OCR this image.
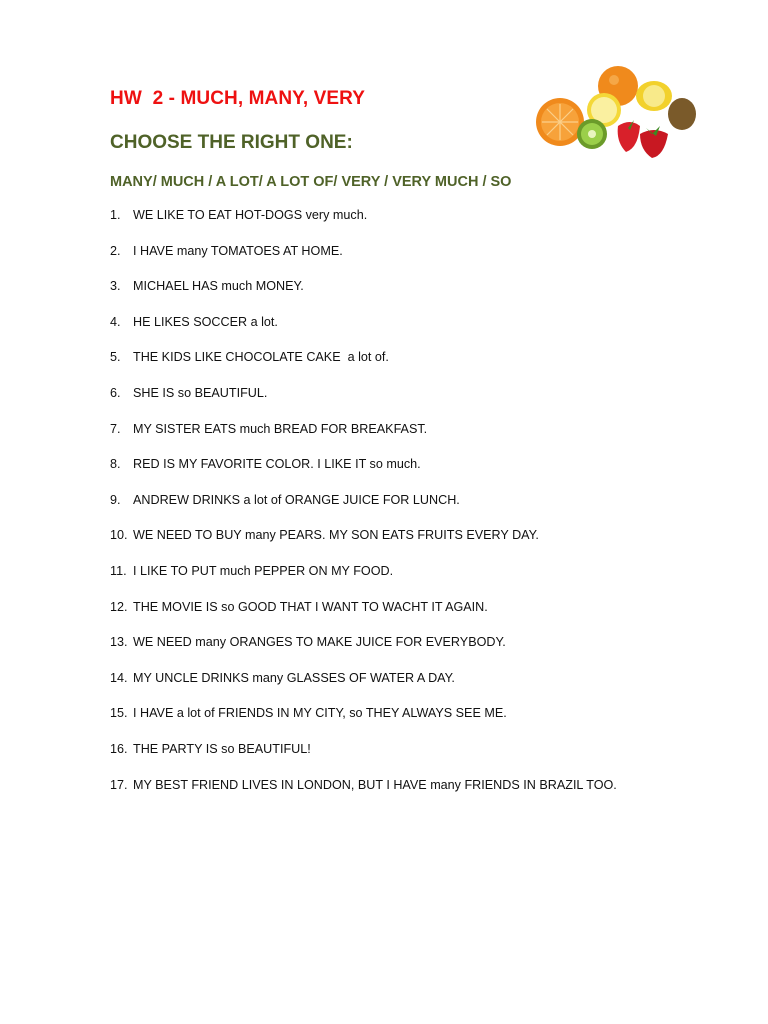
HW  2 - MUCH, MANY, VERY
CHOOSE THE RIGHT ONE:
MANY/ MUCH / A LOT/ A LOT OF/ VERY / VERY MUCH / SO
1. WE LIKE TO EAT HOT-DOGS very much.
2. I HAVE many TOMATOES AT HOME.
3. MICHAEL HAS much MONEY.
4. HE LIKES SOCCER a lot.
5. THE KIDS LIKE CHOCOLATE CAKE  a lot of.
6. SHE IS so BEAUTIFUL.
7. MY SISTER EATS much BREAD FOR BREAKFAST.
8. RED IS MY FAVORITE COLOR. I LIKE IT so much.
9. ANDREW DRINKS a lot of ORANGE JUICE FOR LUNCH.
10. WE NEED TO BUY many PEARS. MY SON EATS FRUITS EVERY DAY.
11. I LIKE TO PUT much PEPPER ON MY FOOD.
12. THE MOVIE IS so GOOD THAT I WANT TO WACHT IT AGAIN.
13. WE NEED many ORANGES TO MAKE JUICE FOR EVERYBODY.
14. MY UNCLE DRINKS many GLASSES OF WATER A DAY.
15. I HAVE a lot of FRIENDS IN MY CITY, so THEY ALWAYS SEE ME.
16. THE PARTY IS so BEAUTIFUL!
17. MY BEST FRIEND LIVES IN LONDON, BUT I HAVE many FRIENDS IN BRAZIL TOO.
